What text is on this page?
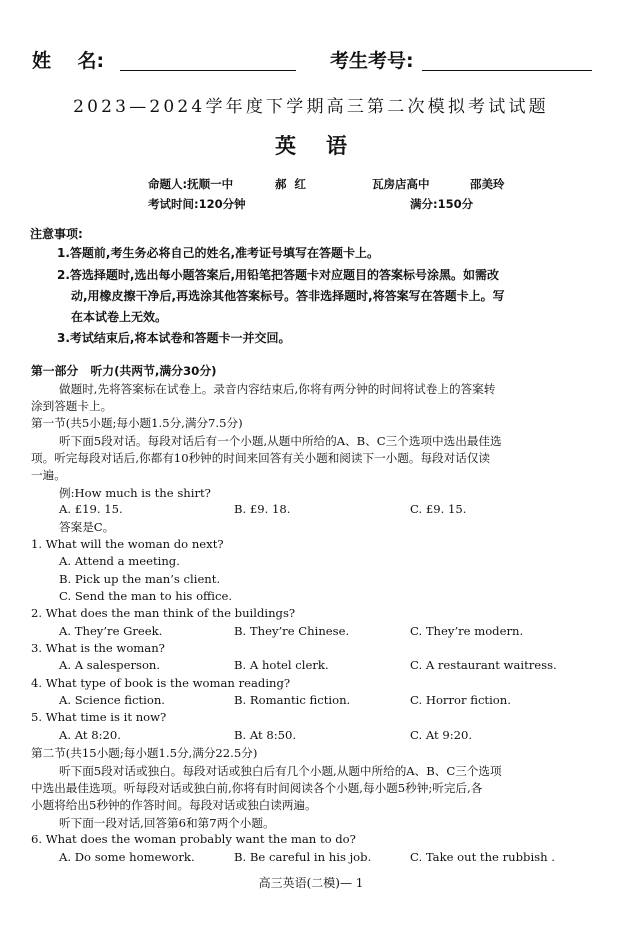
姓    名:	考生考号:
2023—2024学年度下学期高三第二次模拟考试试题
英语
命题人:抚顺一中	郝  红	瓦房店高中	邵美玲
考试时间:120分钟	满分:150分
注意事项:
1.答题前,考生务必将自己的姓名,准考证号填写在答题卡上。
2.答选择题时,选出每小题答案后,用铅笔把答题卡对应题目的答案标号涂黑。如需改
动,用橡皮擦干净后,再选涂其他答案标号。答非选择题时,将答案写在答题卡上。写
在本试卷上无效。
3.考试结束后,将本试卷和答题卡一并交回。
第一部分   听力(共两节,满分30分)
做题时,先将答案标在试卷上。录音内容结束后,你将有两分钟的时间将试卷上的答案转
涂到答题卡上。
第一节(共5小题;每小题1.5分,满分7.5分)
听下面5段对话。每段对话后有一个小题,从题中所给的A、B、C三个选项中选出最佳选
项。听完每段对话后,你都有10秒钟的时间来回答有关小题和阅读下一小题。每段对话仅读
一遍。
例:How much is the shirt?
A. £19. 15.	B. £9. 18.	C. £9. 15.
答案是C。
1. What will the woman do next?
A. Attend a meeting.
B. Pick up the man’s client.
C. Send the man to his office.
2. What does the man think of the buildings?
A. They’re Greek.	B. They’re Chinese.	C. They’re modern.
3. What is the woman?
A. A salesperson.	B. A hotel clerk.	C. A restaurant waitress.
4. What type of book is the woman reading?
A. Science fiction.	B. Romantic fiction.	C. Horror fiction.
5. What time is it now?
A. At 8:20.	B. At 8:50.	C. At 9:20.
第二节(共15小题;每小题1.5分,满分22.5分)
听下面5段对话或独白。每段对话或独白后有几个小题,从题中所给的A、B、C三个选项
中选出最佳选项。听每段对话或独白前,你将有时间阅读各个小题,每小题5秒钟;听完后,各
小题将给出5秒钟的作答时间。每段对话或独白读两遍。
听下面一段对话,回答第6和第7两个小题。
6. What does the woman probably want the man to do?
A. Do some homework.	B. Be careful in his job.	C. Take out the rubbish .
高三英语(二模)— 1
